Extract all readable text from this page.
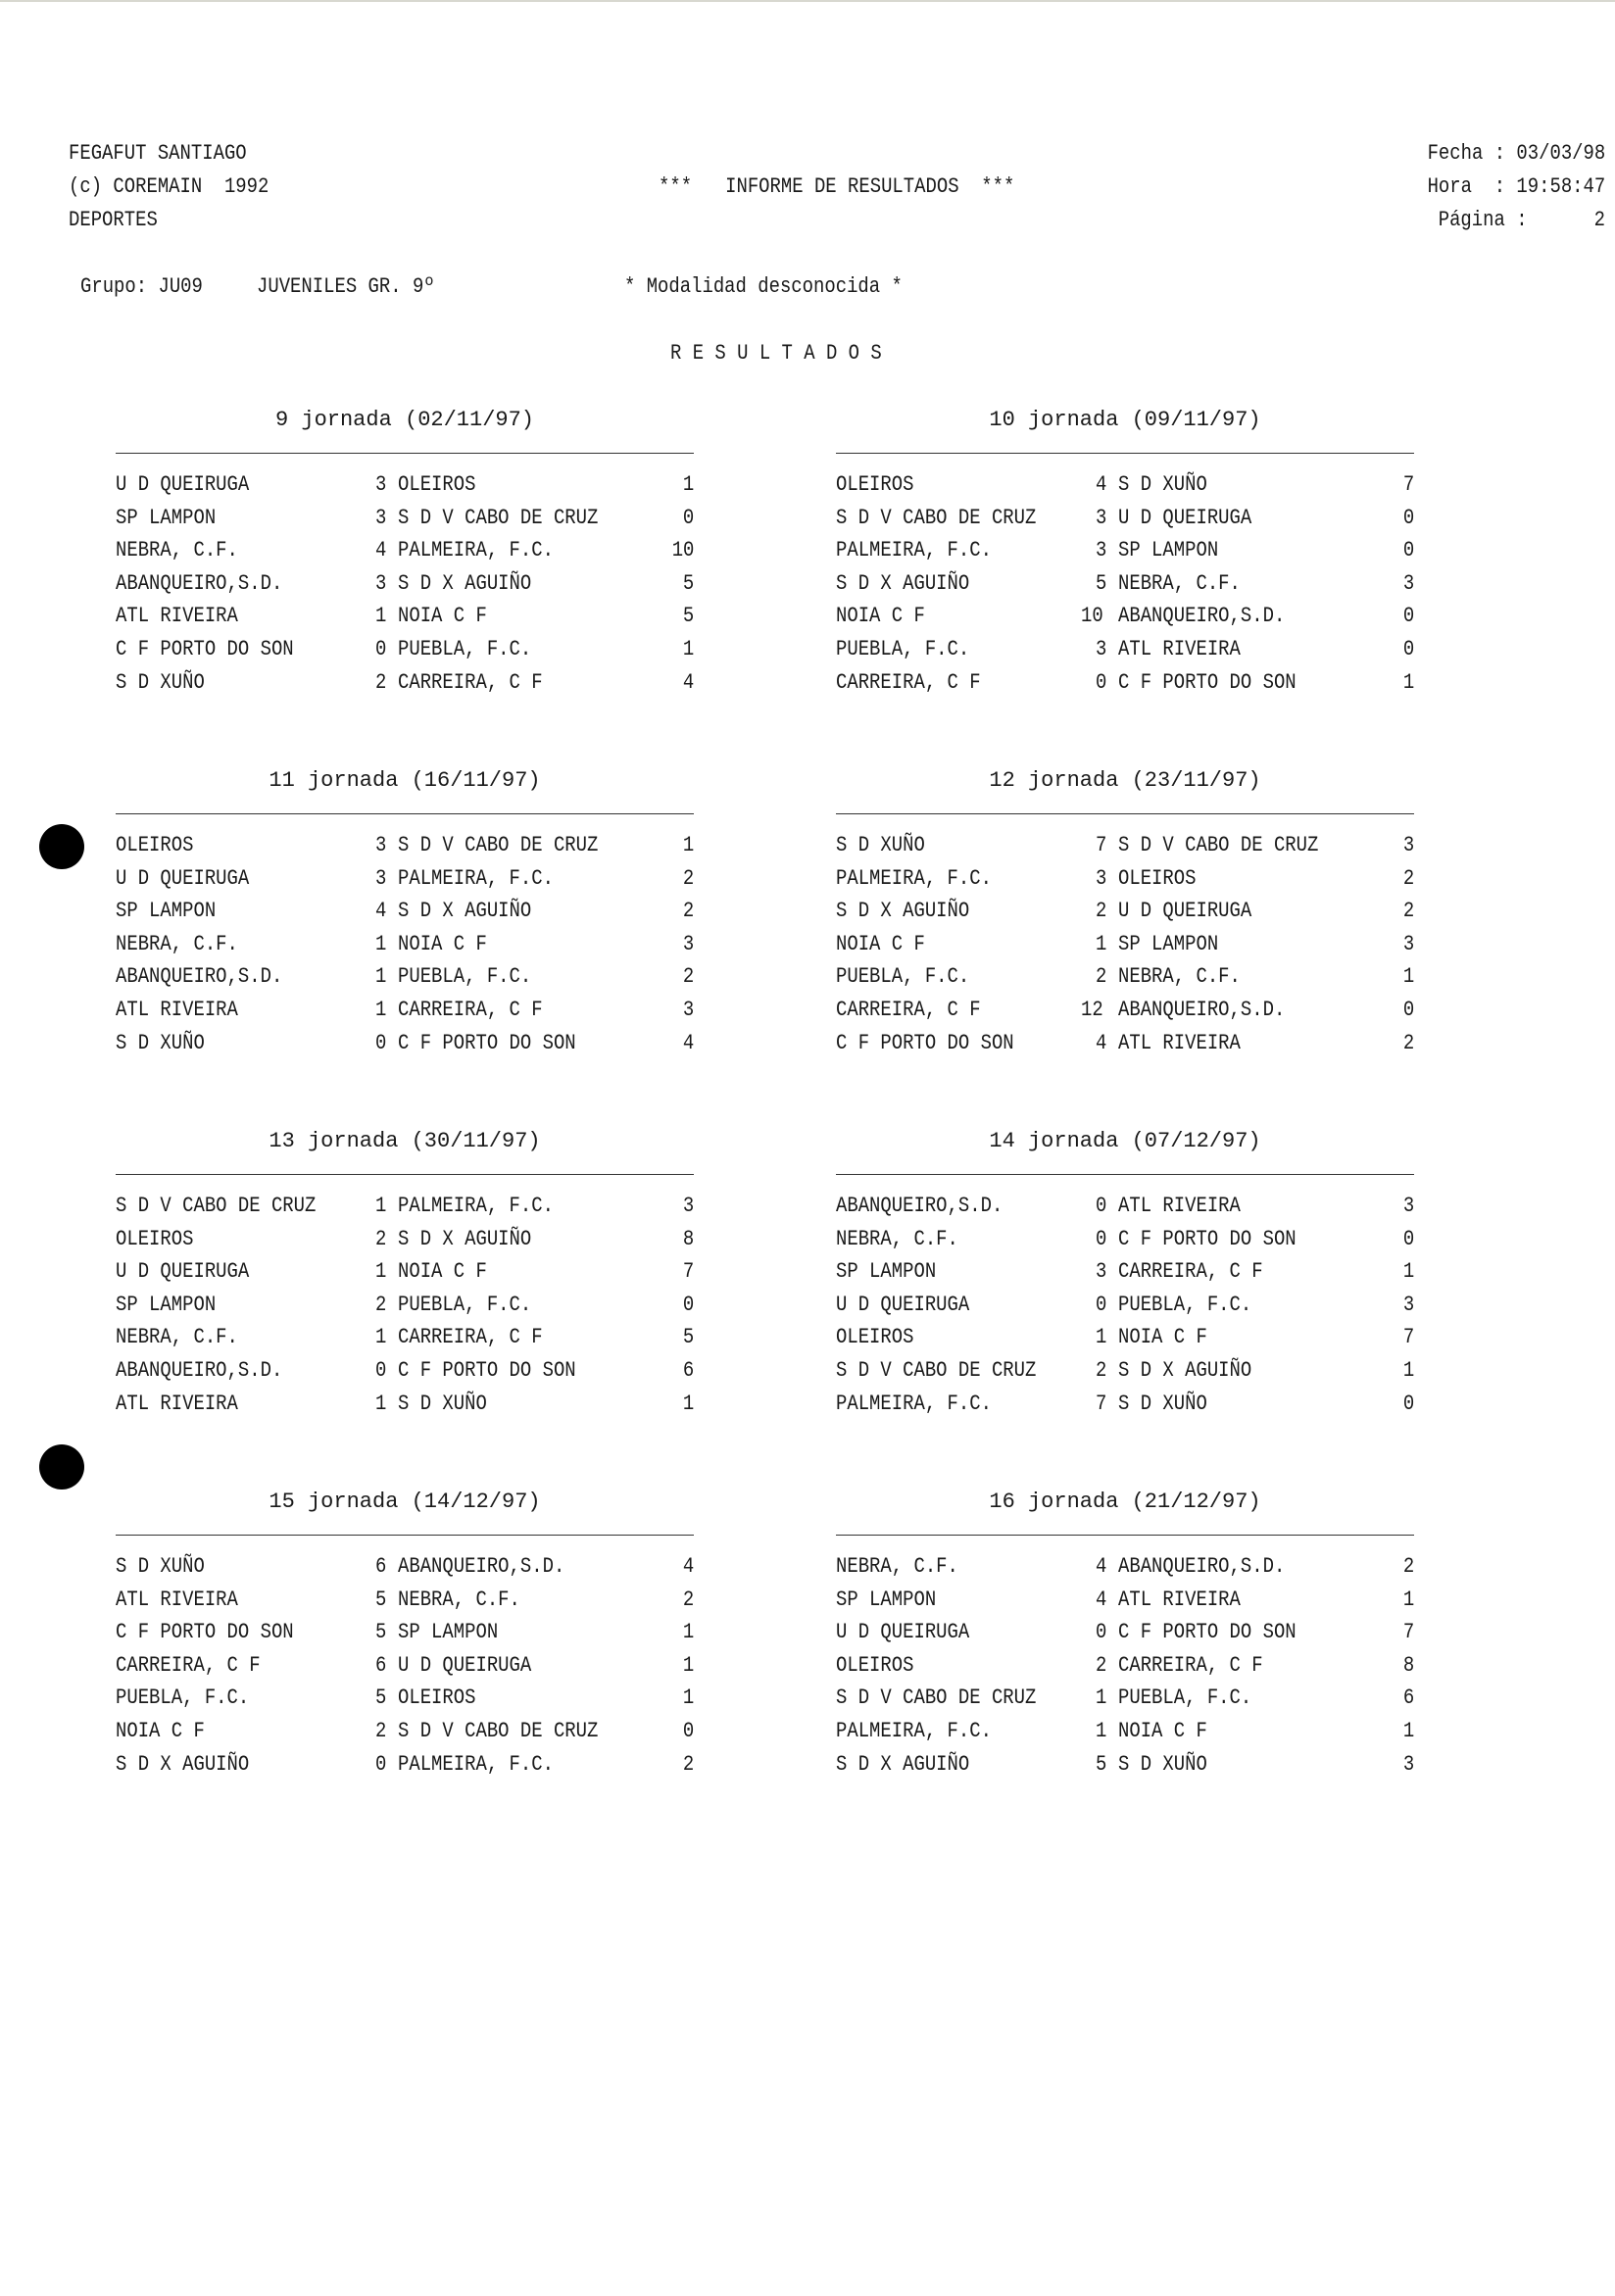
FEGAFUT SANTIAGO
(c) COREMAIN  1992
DEPORTES
***   INFORME DE RESULTADOS  ***
Fecha : 03/03/98
Hora  : 19:58:47
Página :      2
Grupo: JU09	JUVENILES GR. 9º	* Modalidad desconocida *
R E S U L T A D O S
9 jornada (02/11/97)
U D QUEIRUGA	3 OLEIROS	1
SP LAMPON	3 S D V CABO DE CRUZ	0
NEBRA, C.F.	4 PALMEIRA, F.C.	10
ABANQUEIRO,S.D.	3 S D X AGUIÑO	5
ATL RIVEIRA	1 NOIA C F	5
C F PORTO DO SON	0 PUEBLA, F.C.	1
S D XUÑO	2 CARREIRA, C F	4
10 jornada (09/11/97)
OLEIROS	4 S D XUÑO	7
S D V CABO DE CRUZ	3 U D QUEIRUGA	0
PALMEIRA, F.C.	3 SP LAMPON	0
S D X AGUIÑO	5 NEBRA, C.F.	3
NOIA C F	10 ABANQUEIRO,S.D.	0
PUEBLA, F.C.	3 ATL RIVEIRA	0
CARREIRA, C F	0 C F PORTO DO SON	1
11 jornada (16/11/97)
OLEIROS	3 S D V CABO DE CRUZ	1
U D QUEIRUGA	3 PALMEIRA, F.C.	2
SP LAMPON	4 S D X AGUIÑO	2
NEBRA, C.F.	1 NOIA C F	3
ABANQUEIRO,S.D.	1 PUEBLA, F.C.	2
ATL RIVEIRA	1 CARREIRA, C F	3
S D XUÑO	0 C F PORTO DO SON	4
12 jornada (23/11/97)
S D XUÑO	7 S D V CABO DE CRUZ	3
PALMEIRA, F.C.	3 OLEIROS	2
S D X AGUIÑO	2 U D QUEIRUGA	2
NOIA C F	1 SP LAMPON	3
PUEBLA, F.C.	2 NEBRA, C.F.	1
CARREIRA, C F	12 ABANQUEIRO,S.D.	0
C F PORTO DO SON	4 ATL RIVEIRA	2
13 jornada (30/11/97)
S D V CABO DE CRUZ	1 PALMEIRA, F.C.	3
OLEIROS	2 S D X AGUIÑO	8
U D QUEIRUGA	1 NOIA C F	7
SP LAMPON	2 PUEBLA, F.C.	0
NEBRA, C.F.	1 CARREIRA, C F	5
ABANQUEIRO,S.D.	0 C F PORTO DO SON	6
ATL RIVEIRA	1 S D XUÑO	1
14 jornada (07/12/97)
ABANQUEIRO,S.D.	0 ATL RIVEIRA	3
NEBRA, C.F.	0 C F PORTO DO SON	0
SP LAMPON	3 CARREIRA, C F	1
U D QUEIRUGA	0 PUEBLA, F.C.	3
OLEIROS	1 NOIA C F	7
S D V CABO DE CRUZ	2 S D X AGUIÑO	1
PALMEIRA, F.C.	7 S D XUÑO	0
15 jornada (14/12/97)
S D XUÑO	6 ABANQUEIRO,S.D.	4
ATL RIVEIRA	5 NEBRA, C.F.	2
C F PORTO DO SON	5 SP LAMPON	1
CARREIRA, C F	6 U D QUEIRUGA	1
PUEBLA, F.C.	5 OLEIROS	1
NOIA C F	2 S D V CABO DE CRUZ	0
S D X AGUIÑO	0 PALMEIRA, F.C.	2
16 jornada (21/12/97)
NEBRA, C.F.	4 ABANQUEIRO,S.D.	2
SP LAMPON	4 ATL RIVEIRA	1
U D QUEIRUGA	0 C F PORTO DO SON	7
OLEIROS	2 CARREIRA, C F	8
S D V CABO DE CRUZ	1 PUEBLA, F.C.	6
PALMEIRA, F.C.	1 NOIA C F	1
S D X AGUIÑO	5 S D XUÑO	3
